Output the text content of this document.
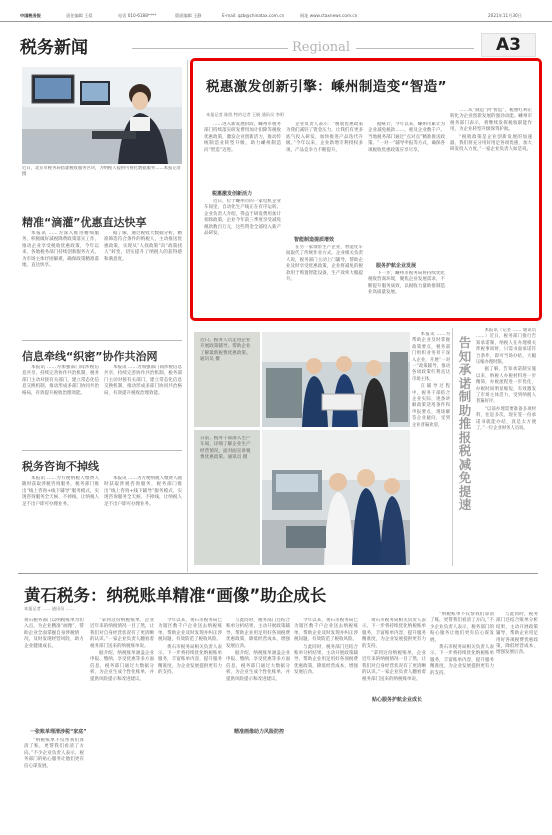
中国税务报	责任编辑 王爱	电话 010-6188****	版面编辑 王静	E-mail: qzb@chinatax.com.cn	网址 www.ctaxnews.com.cn	2021年11月30日
税务新闻	Regional	A3
近日，北京市税务局搭建税收服务区块，为纳税人提供可视化数据服务……本报记者 摄
精准“滴灌”优惠直达快享

本报讯 ……为深入推进精细服务，积极做好减税降费政策落实工作，推动企业享受税收优惠政策，今年以来，各地税务部门持续创新服务方式，为市场主体纾困解难，确保政策精准落地、直达快享。

据了解，通过税收大数据分析，精准筛选符合条件的纳税人，主动推送优惠政策，实现从“人找政策”向“政策找人”转变，切实提升了纳税人的获得感和满意度。

信息牵线“织密”协作共治网

本报讯 ……为加强部门间涉税信息共享，持续完善协作共治机制，税务部门主动对接有关部门，建立常态化信息交换机制，推动形成多部门协同共治格局，有效提升税收治理效能。

本报讯 ……为加强部门间涉税信息共享，持续完善协作共治机制，税务部门主动对接有关部门，建立常态化信息交换机制，推动形成多部门协同共治格局，有效提升税收治理效能。

税务咨询不掉线

本报讯 ……为方便纳税人缴费人随时获取涉税咨询服务，税务部门推出“线上咨询+线下辅导”服务模式，实现咨询服务全天候、不掉线，让纳税人足不出户即可办理业务。

本报讯 ……为方便纳税人缴费人随时获取涉税咨询服务，税务部门推出“线上咨询+线下辅导”服务模式，实现咨询服务全天候、不掉线，让纳税人足不出户即可办理业务。

税惠激发创新引擎：嵊州制造变“智造”
本报记者 陈凯 特约记者 王晓 通讯员 李明

……进入新发展阶段，嵊州市税务部门持续落实研发费用加计扣除等税收优惠政策，激发企业创新活力，推动传统制造业转型升级，助力嵊州制造向“智造”迈进。

税惠激发创新活力

近日，位于嵊州市的一家电机企业车间里，自动化生产线正在有序运转。企业负责人介绍，得益于研发费用加计扣除政策，企业今年前三季度享受减免税款数百万元，这些资金全部投入新产品研发。

企业负责人表示：“税收优惠政策为我们减轻了资金压力，让我们有更多底气投入研发，加快推进产品迭代升级。”今年以来，企业新增专利授权多项，产品竞争力不断提升。

智能制造提质增效

在另一家领带生产企业，智能化车间取代了传统作业方式。企业相关负责人说，税务部门主动上门辅导，帮助企业及时享受优惠政策，企业将减免的税款用于购置智能设备，生产效率大幅提升。

据统计，今年以来，嵊州市累计为企业减免税款……，惠及企业数千户。当地税务部门通过“点对点”精准推送政策、“一对一”辅导申报等方式，确保各项税收优惠政策应享尽享。

服务护航企业发展

下一步，嵊州市税务局将持续优化税收营商环境，聚焦企业发展需求，不断提升服务质效，以税收力量助推制造业高质量发展。

……从“制造”到“智造”，税惠红利正转化为企业创新发展的强劲动能。嵊州市税务部门表示，将继续发挥税收职能作用，为企业转型升级保驾护航。

“税收政策是企业创新发展的加速器，我们将充分用好用足各项优惠，加大研发投入力度。”一家企业负责人如是说。

近日，税务人员走进企业开展政策辅导，帮助企业了解最新税费优惠政策。 通讯员 摄
日前，税务干部深入生产车间，详细了解企业生产经营情况，面对面宣讲税费优惠政策。通讯员 摄

本报讯 ……为帮助企业及时掌握政策要点，税务部门组织业务骨干深入企业，开展“一对一”政策辅导，推动各项政策红利直达市场主体。

在辅导过程中，税务干部结合企业实际，逐条讲解政策适用条件和申报要点，现场解答企业疑问，受到企业普遍欢迎。

告知承诺制助推报税减免提速

本报讯（记者 …… 通讯员 ……）近日，税务部门推行告知承诺制，纳税人在办理相关涉税事项时，只需书面承诺符合条件，即可当场办结，大幅压缩办理时限。

据了解，告知承诺制实施以来，纳税人办税材料进一步精简，办税流程进一步优化，办税时间明显缩短，有效激发了市场主体活力，受到纳税人普遍好评。

“以前办理需要准备多项材料，往返多次，现在签一份承诺书就能办结，真是太方便了。”一位企业财务人员说。

黄石税务：纳税账单精准“画像”助企成长
本报记者 …… 通讯员 ……
黄石税务部门以纳税账单为切入点，为企业精准“画像”，帮助企业全面掌握自身涉税情况，及时发现经营风险，助力企业健康成长。
一张账单理清涉税“家底”

“纳税账单不仅帮我们算清了账，更帮我们看清了方向。”不少企业负责人表示，税务部门的贴心服务让他们更有信心谋发展。

“拿到这份纳税账单，企业近年来的纳税情况一目了然，让我们对自身经营状况有了更清晰的认识。”一家企业负责人翻看着税务部门送来的纳税账单说。

据介绍，纳税账单涵盖企业申报、缴纳、享受优惠等多方面信息，税务部门通过大数据分析，为企业生成个性化账单，并提供风险提示和改进建议。

今年以来，黄石市税务局已为辖区数千户企业送去纳税账单，帮助企业及时发现并纠正涉税问题，有效防范了税收风险。

黄石市税务局相关负责人表示，下一步将持续优化纳税账单服务，丰富账单内容，提升服务精准度，为企业发展提供更有力的支持。

精准画像助力风险防控

与此同时，税务部门还结合账单分析结果，主动开展政策辅导，帮助企业用足用好各项税费优惠政策，降低经营成本，增强发展后劲。

据介绍，纳税账单涵盖企业申报、缴纳、享受优惠等多方面信息，税务部门通过大数据分析，为企业生成个性化账单，并提供风险提示和改进建议。

今年以来，黄石市税务局已为辖区数千户企业送去纳税账单，帮助企业及时发现并纠正涉税问题，有效防范了税收风险。

与此同时，税务部门还结合账单分析结果，主动开展政策辅导，帮助企业用足用好各项税费优惠政策，降低经营成本，增强发展后劲。

贴心服务护航企业成长

黄石市税务局相关负责人表示，下一步将持续优化纳税账单服务，丰富账单内容，提升服务精准度，为企业发展提供更有力的支持。

“拿到这份纳税账单，企业近年来的纳税情况一目了然，让我们对自身经营状况有了更清晰的认识。”一家企业负责人翻看着税务部门送来的纳税账单说。

“纳税账单不仅帮我们算清了账，更帮我们看清了方向。”不少企业负责人表示，税务部门的贴心服务让他们更有信心谋发展。

黄石市税务局相关负责人表示，下一步将持续优化纳税账单服务，丰富账单内容，提升服务精准度，为企业发展提供更有力的支持。

与此同时，税务部门还结合账单分析结果，主动开展政策辅导，帮助企业用足用好各项税费优惠政策，降低经营成本，增强发展后劲。
